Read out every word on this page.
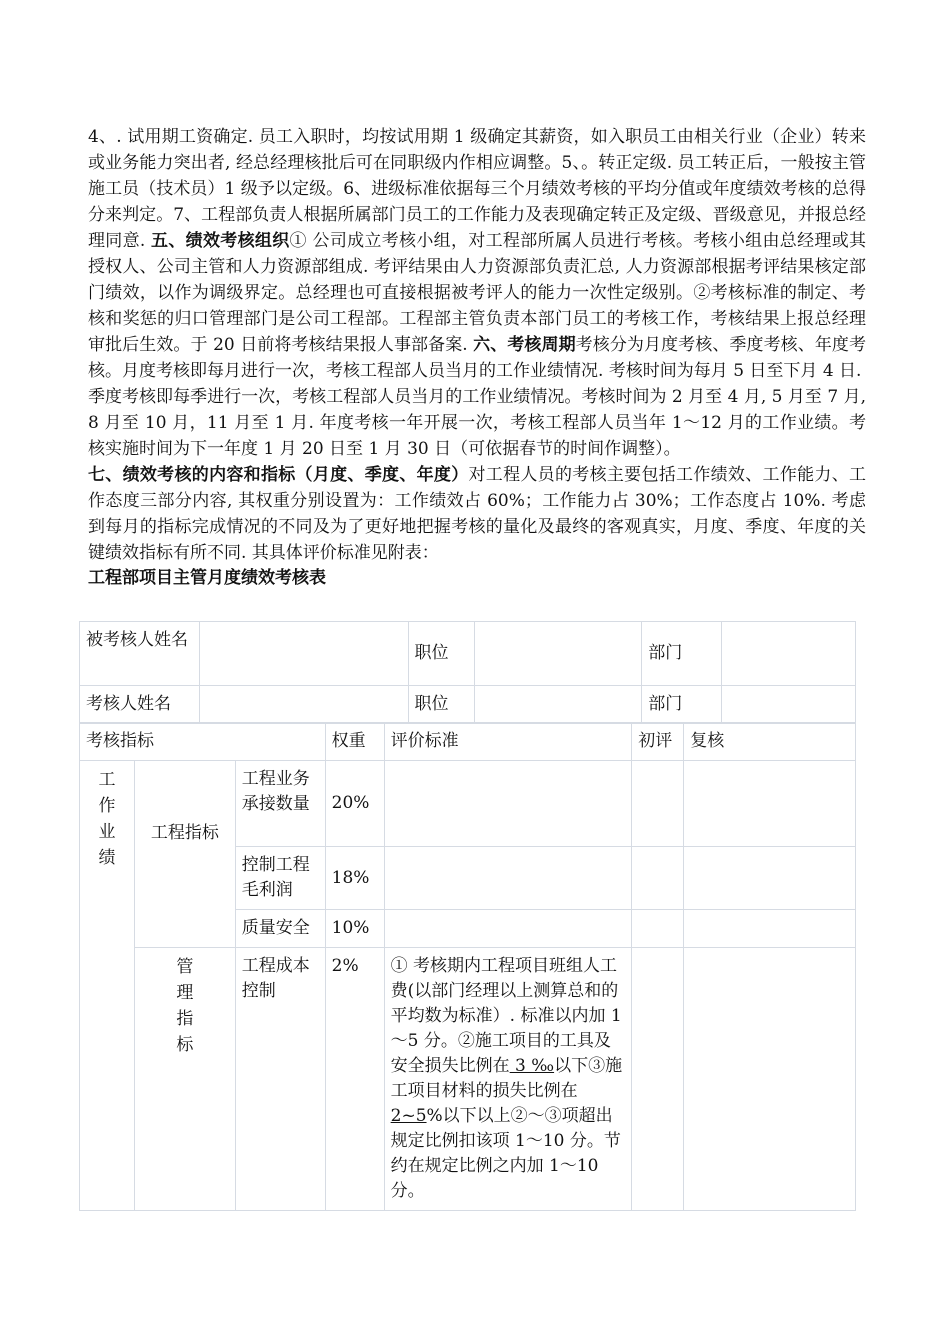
4、. 试用期工资确定. 员工入职时，均按试用期 1 级确定其薪资，如入职员工由相关行业（企业）转来或业务能力突出者, 经总经理核批后可在同职级内作相应调整。5、。转正定级. 员工转正后，一般按主管施工员（技术员）1 级予以定级。6、进级标准依据每三个月绩效考核的平均分值或年度绩效考核的总得分来判定。7、工程部负责人根据所属部门员工的工作能力及表现确定转正及定级、晋级意见，并报总经理同意. 五、绩效考核组织① 公司成立考核小组，对工程部所属人员进行考核。考核小组由总经理或其授权人、公司主管和人力资源部组成. 考评结果由人力资源部负责汇总, 人力资源部根据考评结果核定部门绩效，以作为调级界定。总经理也可直接根据被考评人的能力一次性定级别。②考核标准的制定、考核和奖惩的归口管理部门是公司工程部。工程部主管负责本部门员工的考核工作，考核结果上报总经理审批后生效。于 20 日前将考核结果报人事部备案. 六、考核周期考核分为月度考核、季度考核、年度考核。月度考核即每月进行一次，考核工程部人员当月的工作业绩情况. 考核时间为每月 5 日至下月 4 日.

季度考核即每季进行一次，考核工程部人员当月的工作业绩情况。考核时间为 2 月至 4 月, 5 月至 7 月, 8 月至 10 月，11 月至 1 月. 年度考核一年开展一次，考核工程部人员当年 1～12 月的工作业绩。考核实施时间为下一年度 1 月 20 日至 1 月 30 日（可依据春节的时间作调整）。

七、绩效考核的内容和指标（月度、季度、年度）对工程人员的考核主要包括工作绩效、工作能力、工作态度三部分内容, 其权重分别设置为：工作绩效占 60%；工作能力占 30%；工作态度占 10%. 考虑到每月的指标完成情况的不同及为了更好地把握考核的量化及最终的客观真实，月度、季度、年度的关键绩效指标有所不同. 其具体评价标准见附表：

工程部项目主管月度绩效考核表

被考核人姓名		职位		部门	
考核人姓名		职位		部门	
考核指标			权重	评价标准	初评	复核

工作业绩	工程指标	工程业务承接数量	20%			
		控制工程毛利润	18%			
		质量安全	10%			

	管理指标	工程成本控制	2%	① 考核期内工程项目班组人工费(以部门经理以上测算总和的平均数为标准）. 标准以内加 1～5 分。②施工项目的工具及安全损失比例在 3 ‰以下③施工项目材料的损失比例在2~5%以下以上②～③项超出规定比例扣该项 1～10 分。节约在规定比例之内加 1～10 分。		
